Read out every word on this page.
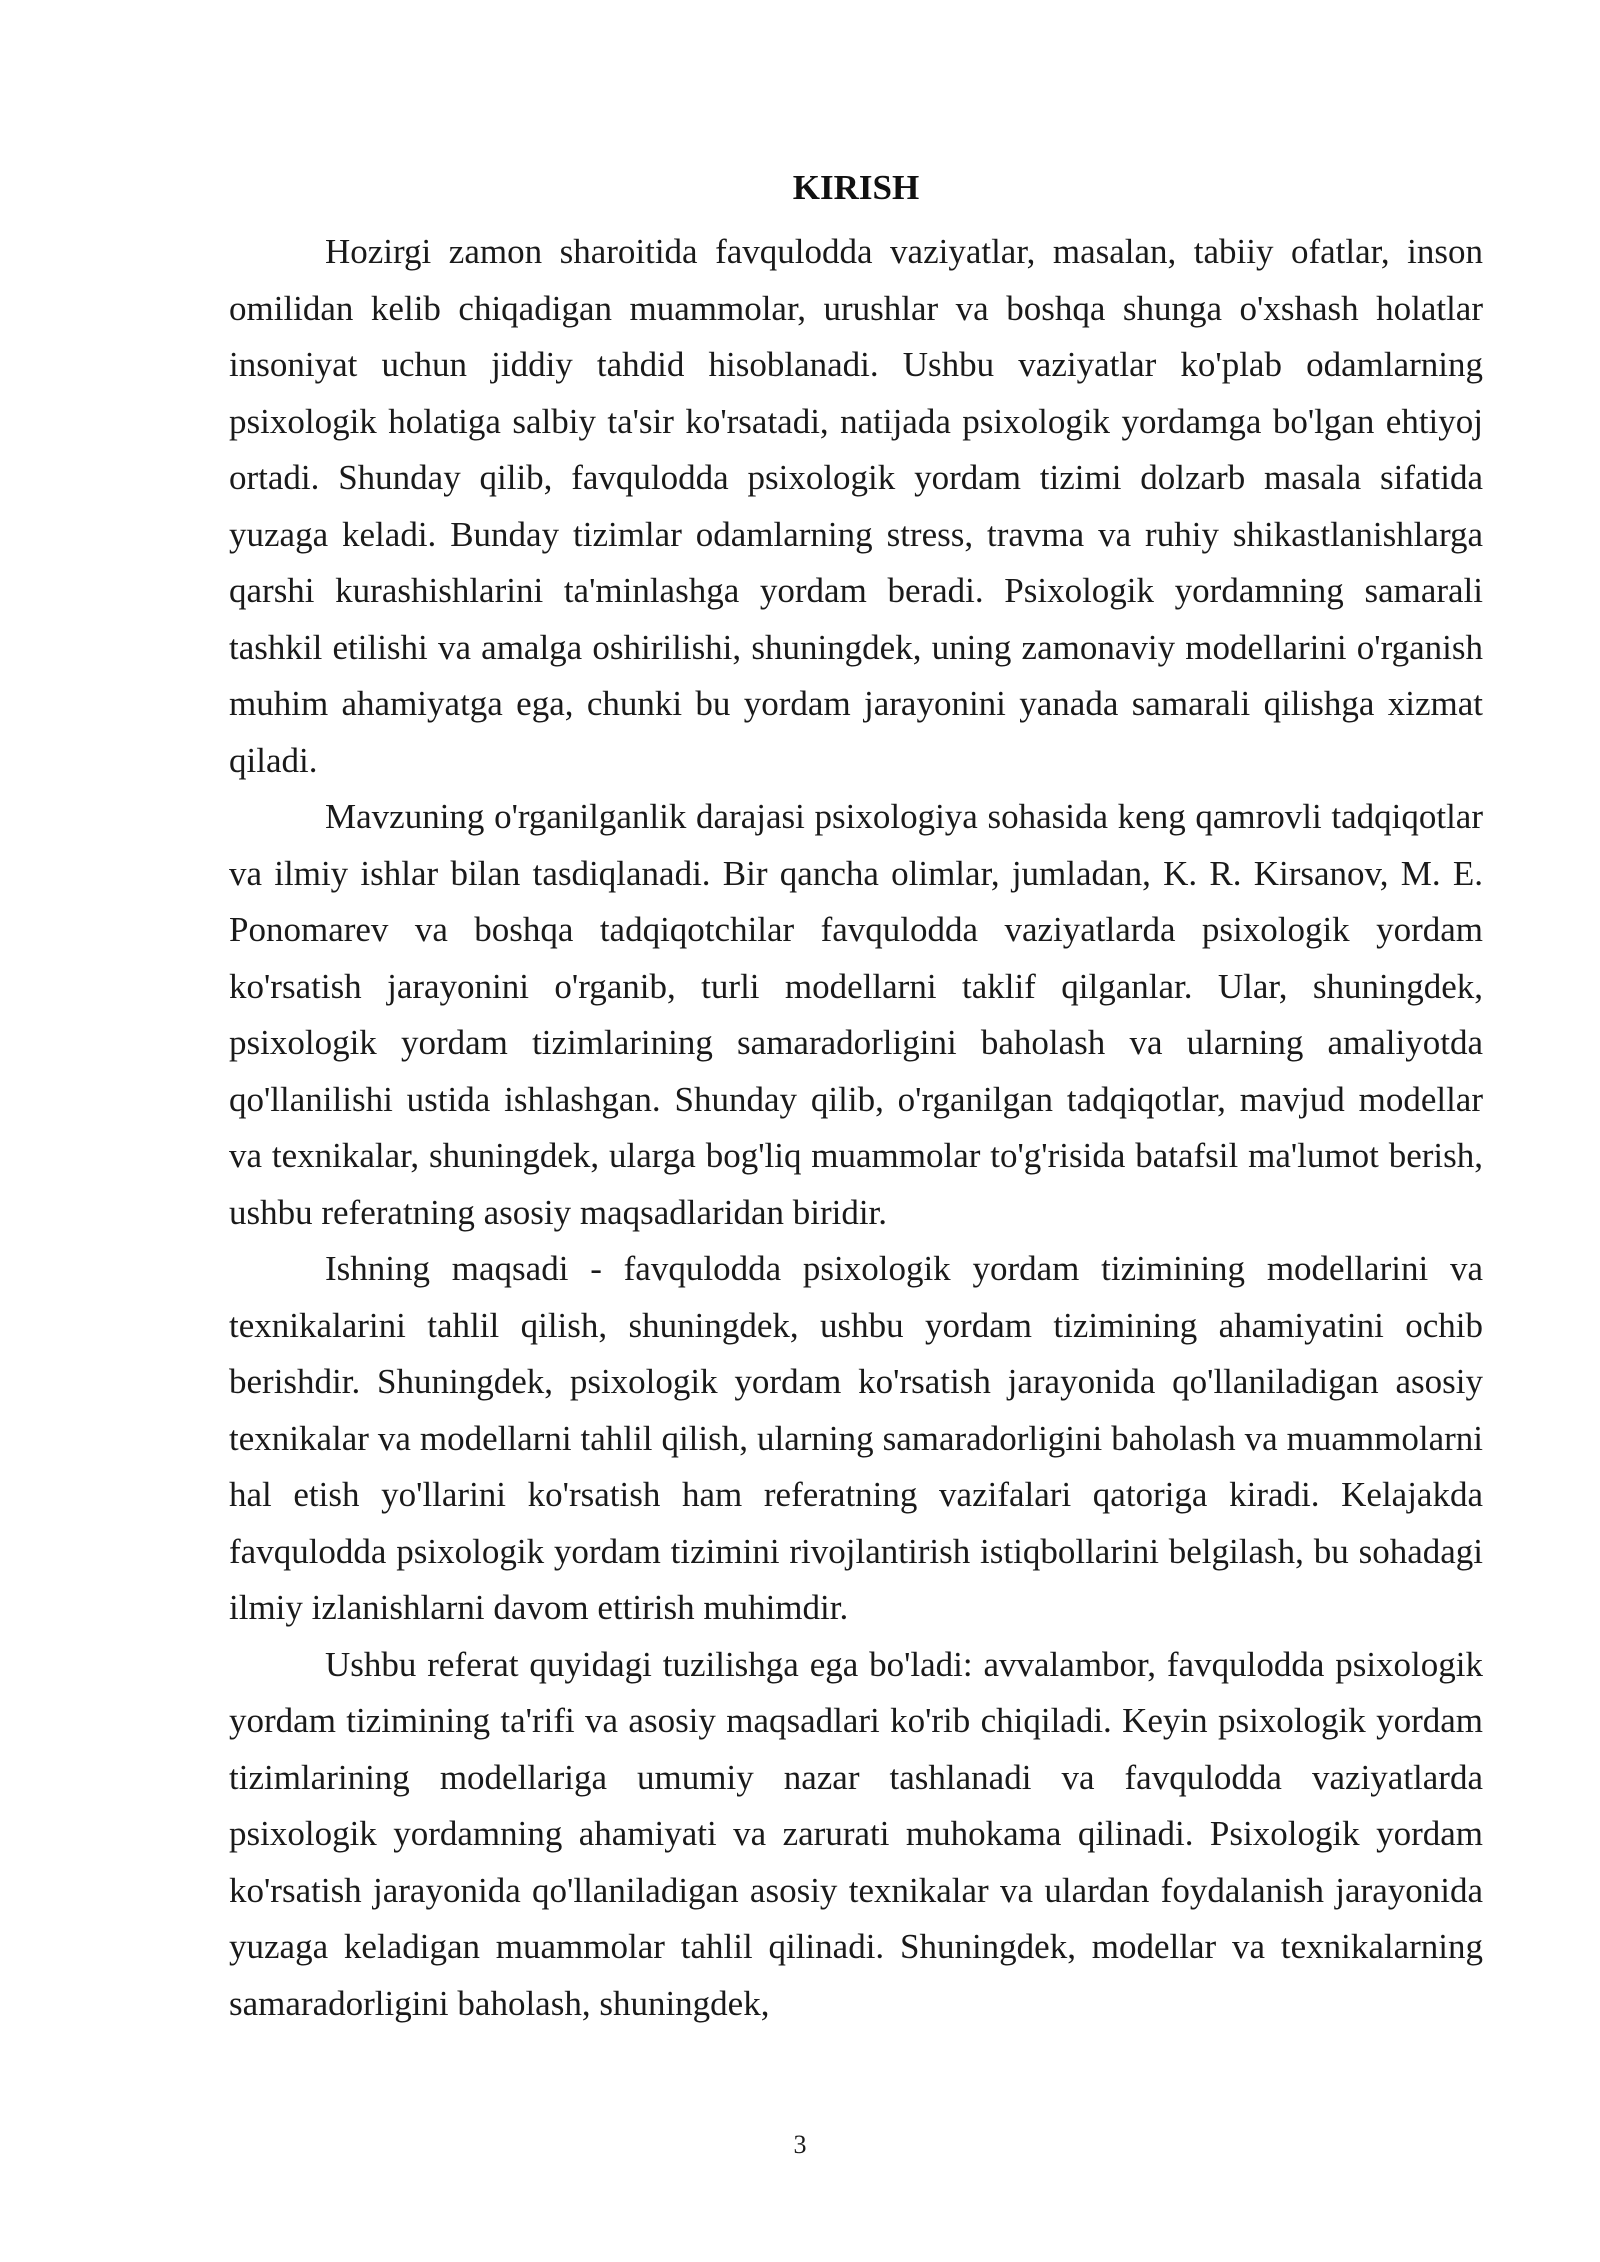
KIRISH

Hozirgi zamon sharoitida favqulodda vaziyatlar, masalan, tabiiy ofatlar, inson omilidan kelib chiqadigan muammolar, urushlar va boshqa shunga o'xshash holatlar insoniyat uchun jiddiy tahdid hisoblanadi. Ushbu vaziyatlar ko'plab odamlarning psixologik holatiga salbiy ta'sir ko'rsatadi, natijada psixologik yordamga bo'lgan ehtiyoj ortadi. Shunday qilib, favqulodda psixologik yordam tizimi dolzarb masala sifatida yuzaga keladi. Bunday tizimlar odamlarning stress, travma va ruhiy shikastlanishlarga qarshi kurashishlarini ta'minlashga yordam beradi. Psixologik yordamning samarali tashkil etilishi va amalga oshirilishi, shuningdek, uning zamonaviy modellarini o'rganish muhim ahamiyatga ega, chunki bu yordam jarayonini yanada samarali qilishga xizmat qiladi.

Mavzuning o'rganilganlik darajasi psixologiya sohasida keng qamrovli tadqiqotlar va ilmiy ishlar bilan tasdiqlanadi. Bir qancha olimlar, jumladan, K. R. Kirsanov, M. E. Ponomarev va boshqa tadqiqotchilar favqulodda vaziyatlarda psixologik yordam ko'rsatish jarayonini o'rganib, turli modellarni taklif qilganlar. Ular, shuningdek, psixologik yordam tizimlarining samaradorligini baholash va ularning amaliyotda qo'llanilishi ustida ishlashgan. Shunday qilib, o'rganilgan tadqiqotlar, mavjud modellar va texnikalar, shuningdek, ularga bog'liq muammolar to'g'risida batafsil ma'lumot berish, ushbu referatning asosiy maqsadlaridan biridir.

Ishning maqsadi - favqulodda psixologik yordam tizimining modellarini va texnikalarini tahlil qilish, shuningdek, ushbu yordam tizimining ahamiyatini ochib berishdir. Shuningdek, psixologik yordam ko'rsatish jarayonida qo'llaniladigan asosiy texnikalar va modellarni tahlil qilish, ularning samaradorligini baholash va muammolarni hal etish yo'llarini ko'rsatish ham referatning vazifalari qatoriga kiradi. Kelajakda favqulodda psixologik yordam tizimini rivojlantirish istiqbollarini belgilash, bu sohadagi ilmiy izlanishlarni davom ettirish muhimdir.

Ushbu referat quyidagi tuzilishga ega bo'ladi: avvalambor, favqulodda psixologik yordam tizimining ta'rifi va asosiy maqsadlari ko'rib chiqiladi. Keyin psixologik yordam tizimlarining modellariga umumiy nazar tashlanadi va favqulodda vaziyatlarda psixologik yordamning ahamiyati va zarurati muhokama qilinadi. Psixologik yordam ko'rsatish jarayonida qo'llaniladigan asosiy texnikalar va ulardan foydalanish jarayonida yuzaga keladigan muammolar tahlil qilinadi. Shuningdek, modellar va texnikalarning samaradorligini baholash, shuningdek,

3
